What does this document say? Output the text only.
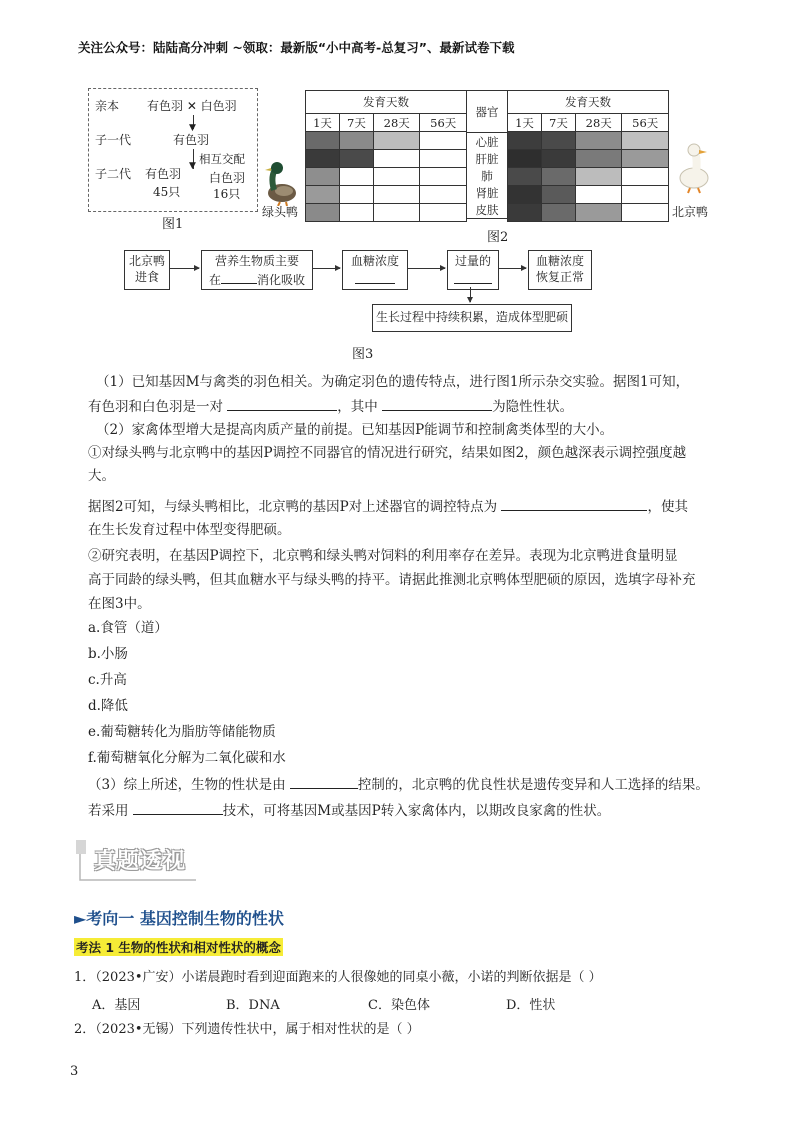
关注公众号：陆陆高分冲刺 ~领取：最新版“小中高考-总复习”、最新试卷下载
亲本 有色羽 ✕ 白色羽
▼
子一代	有色羽
▼ 相互交配
子二代 有色羽
45只
白色羽
16只
图1
绿头鸭	北京鸭
发育天数			
1天	7天	28天	56天

器官
心脏
肝脏
肺
肾脏
皮肤
发育天数			
1天	7天	28天	56天

图2
北京鸭
进食
营养生物质主要
在	消化吸收
血糖浓度	过量的	血糖浓度
恢复正常
生长过程中持续积累，造成体型肥硕
图3
（1）已知基因M与禽类的羽色相关。为确定羽色的遗传特点，进行图1所示杂交实验。据图1可知，
有色羽和白色羽是一对	，其中	为隐性性状。
（2）家禽体型增大是提高肉质产量的前提。已知基因P能调节和控制禽类体型的大小。
①对绿头鸭与北京鸭中的基因P调控不同器官的情况进行研究，结果如图2，颜色越深表示调控强度越
大。
据图2可知，与绿头鸭相比，北京鸭的基因P对上述器官的调控特点为	，使其
在生长发育过程中体型变得肥硕。
②研究表明，在基因P调控下，北京鸭和绿头鸭对饲料的利用率存在差异。表现为北京鸭进食量明显
高于同龄的绿头鸭，但其血糖水平与绿头鸭的持平。请据此推测北京鸭体型肥硕的原因，选填字母补充
在图3中。
a.食管（道）
b.小肠
c.升高
d.降低
e.葡萄糖转化为脂肪等储能物质
f.葡萄糖氧化分解为二氧化碳和水
（3）综上所述，生物的性状是由	控制的，北京鸭的优良性状是遗传变异和人工选择的结果。
若采用	技术，可将基因M或基因P转入家禽体内，以期改良家禽的性状。
真题透视
►考向一 基因控制生物的性状
考法 1 生物的性状和相对性状的概念
1．（2023•广安）小诺晨跑时看到迎面跑来的人很像她的同桌小薇，小诺的判断依据是（ ）
A．基因	B．DNA	C．染色体	D．性状
2．（2023•无锡）下列遗传性状中，属于相对性状的是（ ）
3
